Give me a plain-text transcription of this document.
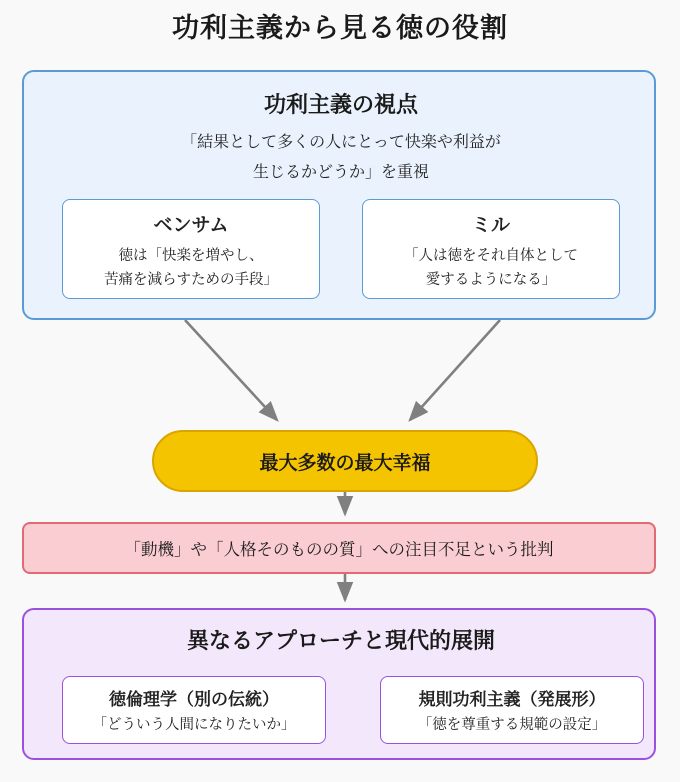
功利主義から見る徳の役割
功利主義の視点
「結果として多くの人にとって快楽や利益が
生じるかどうか」を重視
ベンサム
徳は「快楽を増やし、
苦痛を減らすための手段」
ミル
「人は徳をそれ自体として
愛するようになる」
最大多数の最大幸福
「動機」や「人格そのものの質」への注目不足という批判
異なるアプローチと現代的展開
徳倫理学（別の伝統）
「どういう人間になりたいか」
規則功利主義（発展形）
「徳を尊重する規範の設定」
